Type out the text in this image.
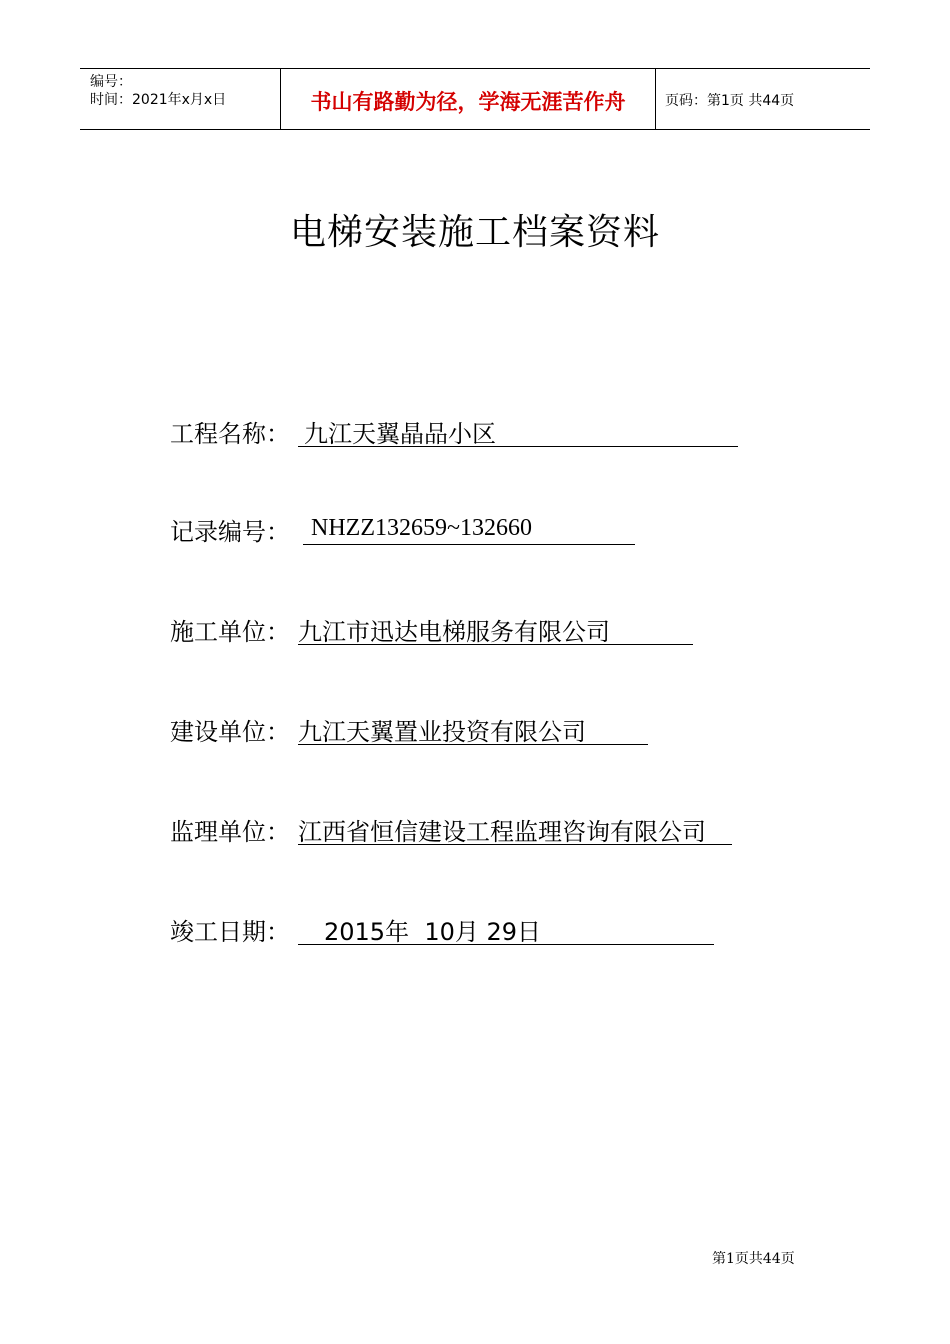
编号：
时间：2021年x月x日	书山有路勤为径，学海无涯苦作舟	页码：第1页 共44页
电梯安装施工档案资料
工程名称： 九江天翼晶品小区
记录编号： NHZZ132659~132660
施工单位： 九江市迅达电梯服务有限公司
建设单位： 九江天翼置业投资有限公司
监理单位： 江西省恒信建设工程监理咨询有限公司
竣工日期：	2015年  10月 29日
第1页共44页
